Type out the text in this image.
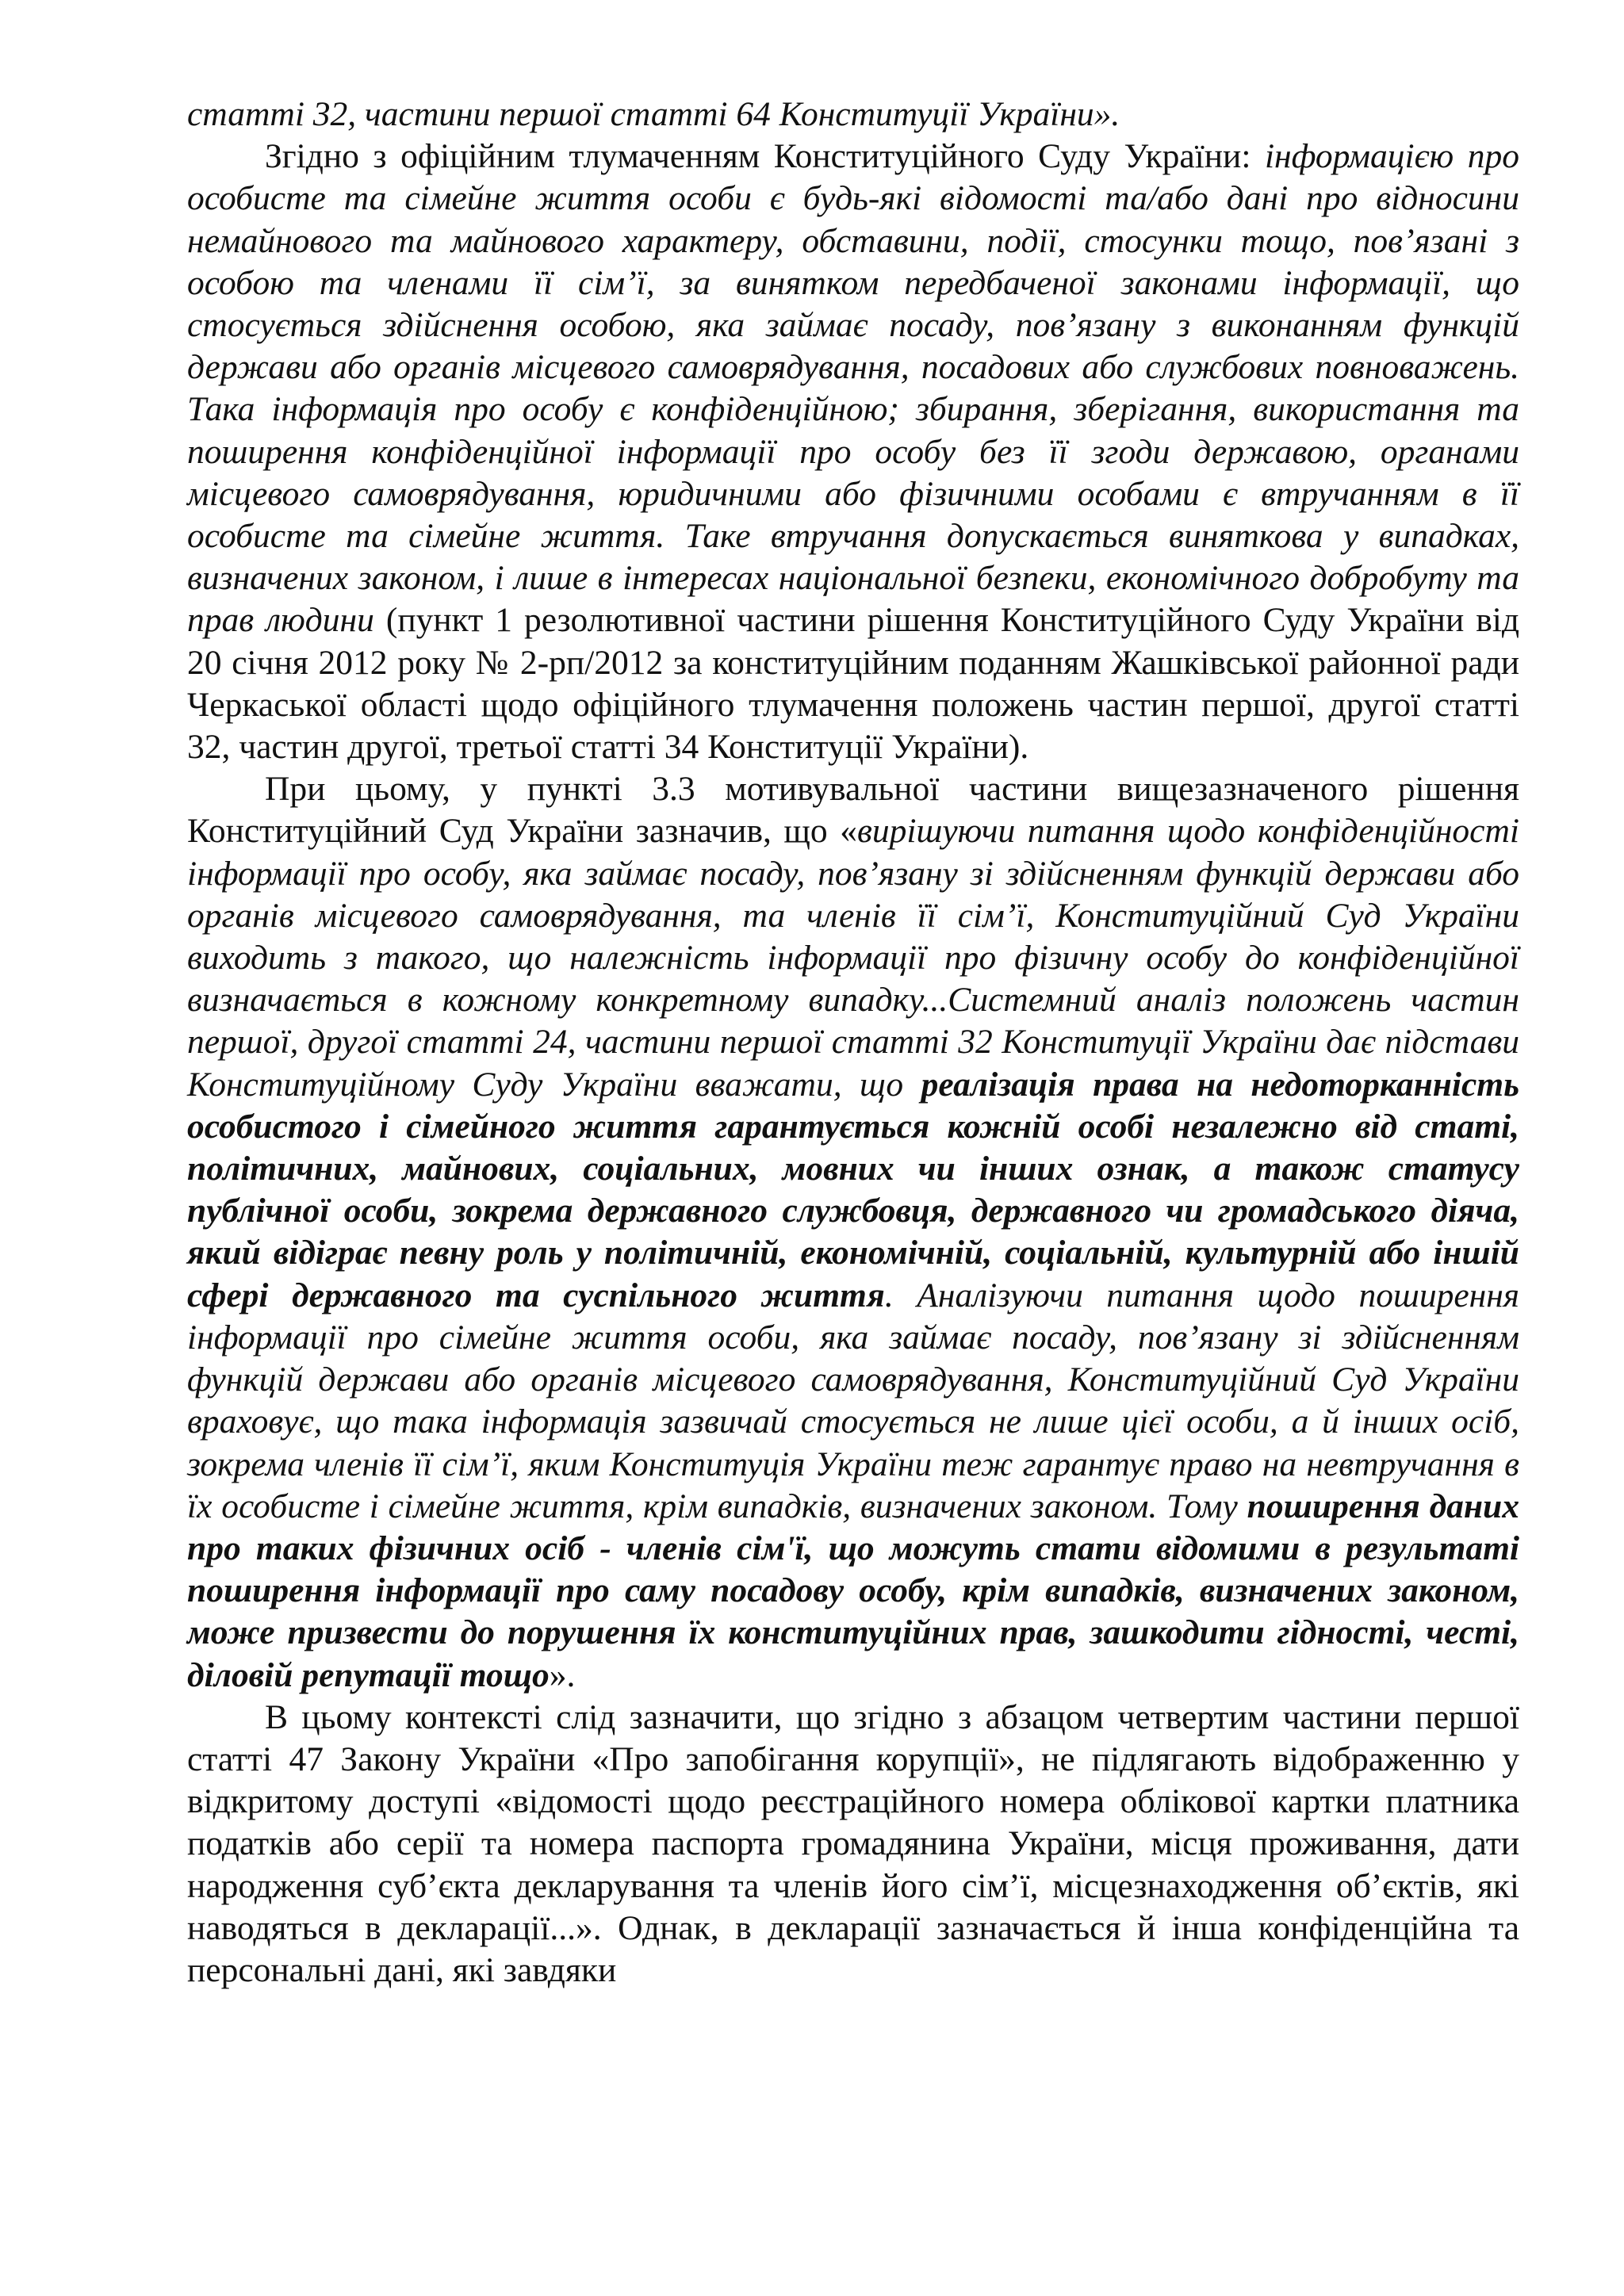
статті 32, частини першої статті 64 Конституції України».

Згідно з офіційним тлумаченням Конституційного Суду України: інформацією про особисте та сімейне життя особи є будь-які відомості та/або дані про відносини немайнового та майнового характеру, обставини, події, стосунки тощо, пов’язані з особою та членами її сім’ї, за винятком передбаченої законами інформації, що стосується здійснення особою, яка займає посаду, пов’язану з виконанням функцій держави або органів місцевого самоврядування, посадових або службових повноважень. Така інформація про особу є конфіденційною; збирання, зберігання, використання та поширення конфіденційної інформації про особу без її згоди державою, органами місцевого самоврядування, юридичними або фізичними особами є втручанням в її особисте та сімейне життя. Таке втручання допускається виняткова у випадках, визначених законом, і лише в інтересах національної безпеки, економічного добробуту та прав людини (пункт 1 резолютивної частини рішення Конституційного Суду України від 20 січня 2012 року № 2-рп/2012 за конституційним поданням Жашківської районної ради Черкаської області щодо офіційного тлумачення положень частин першої, другої статті 32, частин другої, третьої статті 34 Конституції України).

При цьому, у пункті 3.3 мотивувальної частини вищезазначеного рішення Конституційний Суд України зазначив, що «вирішуючи питання щодо конфіденційності інформації про особу, яка займає посаду, пов’язану зі здійсненням функцій держави або органів місцевого самоврядування, та членів її сім’ї, Конституційний Суд України виходить з такого, що належність інформації про фізичну особу до конфіденційної визначається в кожному конкретному випадку...Системний аналіз положень частин першої, другої статті 24, частини першої статті 32 Конституції України дає підстави Конституційному Суду України вважати, що реалізація права на недоторканність особистого і сімейного життя гарантується кожній особі незалежно від статі, політичних, майнових, соціальних, мовних чи інших ознак, а також статусу публічної особи, зокрема державного службовця, державного чи громадського діяча, який відіграє певну роль у політичній, економічній, соціальній, культурній або іншій сфері державного та суспільного життя. Аналізуючи питання щодо поширення інформації про сімейне життя особи, яка займає посаду, пов’язану зі здійсненням функцій держави або органів місцевого самоврядування, Конституційний Суд України враховує, що така інформація зазвичай стосується не лише цієї особи, а й інших осіб, зокрема членів її сім’ї, яким Конституція України теж гарантує право на невтручання в їх особисте і сімейне життя, крім випадків, визначених законом. Тому поширення даних про таких фізичних осіб - членів сім'ї, що можуть стати відомими в результаті поширення інформації про саму посадову особу, крім випадків, визначених законом, може призвести до порушення їх конституційних прав, зашкодити гідності, честі, діловій репутації тощо».

В цьому контексті слід зазначити, що згідно з абзацом четвертим частини першої статті 47 Закону України «Про запобігання корупції», не підлягають відображенню у відкритому доступі «відомості щодо реєстраційного номера облікової картки платника податків або серії та номера паспорта громадянина України, місця проживання, дати народження суб’єкта декларування та членів його сім’ї, місцезнаходження об’єктів, які наводяться в декларації...». Однак, в декларації зазначається й інша конфіденційна та персональні дані, які завдяки
